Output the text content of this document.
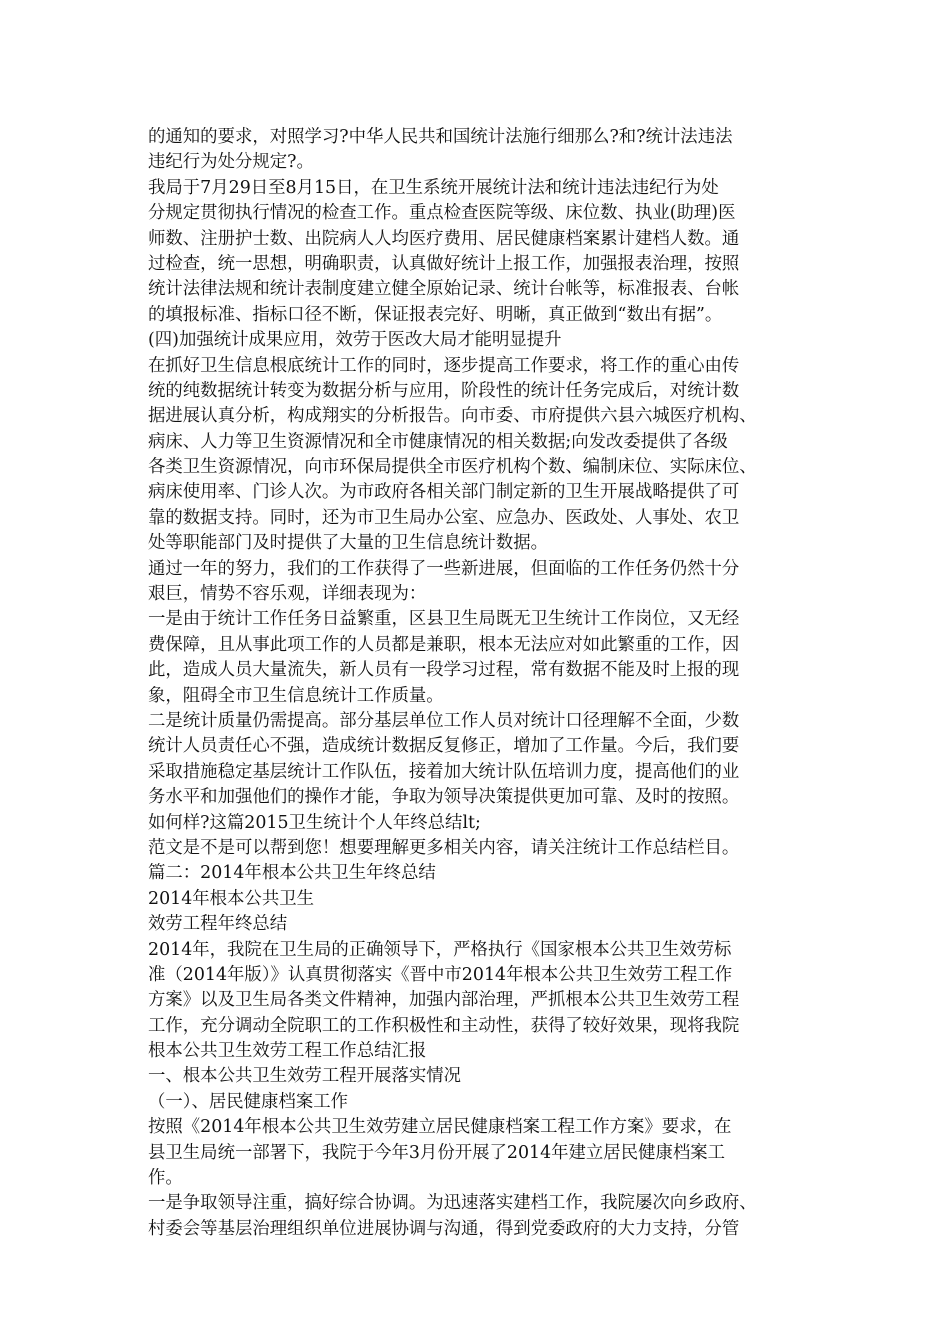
的通知的要求，对照学习?中华人民共和国统计法施行细那么?和?统计法违法
违纪行为处分规定?。
我局于7月29日至8月15日，在卫生系统开展统计法和统计违法违纪行为处
分规定贯彻执行情况的检查工作。重点检查医院等级、床位数、执业(助理)医
师数、注册护士数、出院病人人均医疗费用、居民健康档案累计建档人数。通
过检查，统一思想，明确职责，认真做好统计上报工作，加强报表治理，按照
统计法律法规和统计表制度建立健全原始记录、统计台帐等，标准报表、台帐
的填报标准、指标口径不断，保证报表完好、明晰，真正做到“数出有据”。
(四)加强统计成果应用，效劳于医改大局才能明显提升
在抓好卫生信息根底统计工作的同时，逐步提高工作要求，将工作的重心由传
统的纯数据统计转变为数据分析与应用，阶段性的统计任务完成后，对统计数
据进展认真分析，构成翔实的分析报告。向市委、市府提供六县六城医疗机构、
病床、人力等卫生资源情况和全市健康情况的相关数据;向发改委提供了各级
各类卫生资源情况，向市环保局提供全市医疗机构个数、编制床位、实际床位、
病床使用率、门诊人次。为市政府各相关部门制定新的卫生开展战略提供了可
靠的数据支持。同时，还为市卫生局办公室、应急办、医政处、人事处、农卫
处等职能部门及时提供了大量的卫生信息统计数据。
通过一年的努力，我们的工作获得了一些新进展，但面临的工作任务仍然十分
艰巨，情势不容乐观，详细表现为：
一是由于统计工作任务日益繁重，区县卫生局既无卫生统计工作岗位，又无经
费保障，且从事此项工作的人员都是兼职，根本无法应对如此繁重的工作，因
此，造成人员大量流失，新人员有一段学习过程，常有数据不能及时上报的现
象，阻碍全市卫生信息统计工作质量。
二是统计质量仍需提高。部分基层单位工作人员对统计口径理解不全面，少数
统计人员责任心不强，造成统计数据反复修正，增加了工作量。今后，我们要
采取措施稳定基层统计工作队伍，接着加大统计队伍培训力度，提高他们的业
务水平和加强他们的操作才能，争取为领导决策提供更加可靠、及时的按照。
如何样?这篇2015卫生统计个人年终总结lt;
范文是不是可以帮到您！想要理解更多相关内容，请关注统计工作总结栏目。
篇二：2014年根本公共卫生年终总结
2014年根本公共卫生
效劳工程年终总结
2014年，我院在卫生局的正确领导下，严格执行《国家根本公共卫生效劳标
准（2014年版）》认真贯彻落实《晋中市2014年根本公共卫生效劳工程工作
方案》以及卫生局各类文件精神，加强内部治理，严抓根本公共卫生效劳工程
工作，充分调动全院职工的工作积极性和主动性，获得了较好效果，现将我院
根本公共卫生效劳工程工作总结汇报
一、根本公共卫生效劳工程开展落实情况
（一）、居民健康档案工作
按照《2014年根本公共卫生效劳建立居民健康档案工程工作方案》要求，在
县卫生局统一部署下，我院于今年3月份开展了2014年建立居民健康档案工
作。
一是争取领导注重，搞好综合协调。为迅速落实建档工作，我院屡次向乡政府、
村委会等基层治理组织单位进展协调与沟通，得到党委政府的大力支持，分管
